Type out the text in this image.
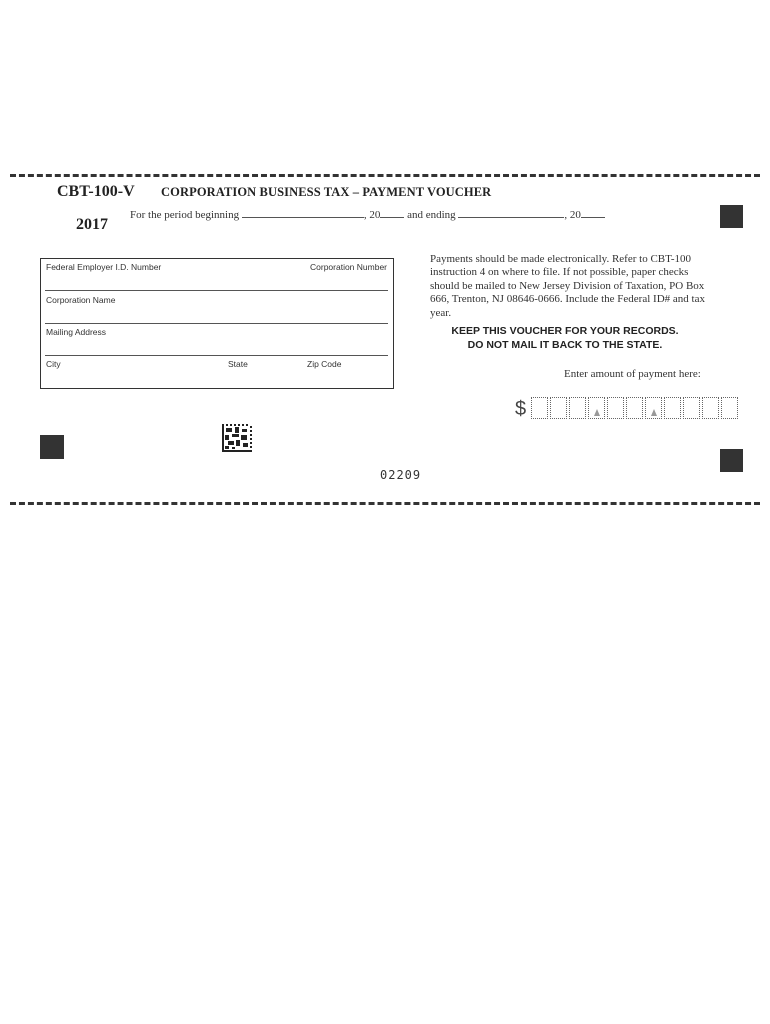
CBT-100-V
2017
CORPORATION BUSINESS TAX – PAYMENT VOUCHER
For the period beginning	, 20 and ending	, 20
Federal Employer I.D. Number	Corporation Number
Corporation Name
Mailing Address
City	State	Zip Code
Payments should be made electronically. Refer to CBT-100 instruction 4 on where to file. If not possible, paper checks should be mailed to New Jersey Division of Taxation, PO Box 666, Trenton, NJ 08646-0666. Include the Federal ID# and tax year.
KEEP THIS VOUCHER FOR YOUR RECORDS.
DO NOT MAIL IT BACK TO THE STATE.
Enter amount of payment here:
$
02209
